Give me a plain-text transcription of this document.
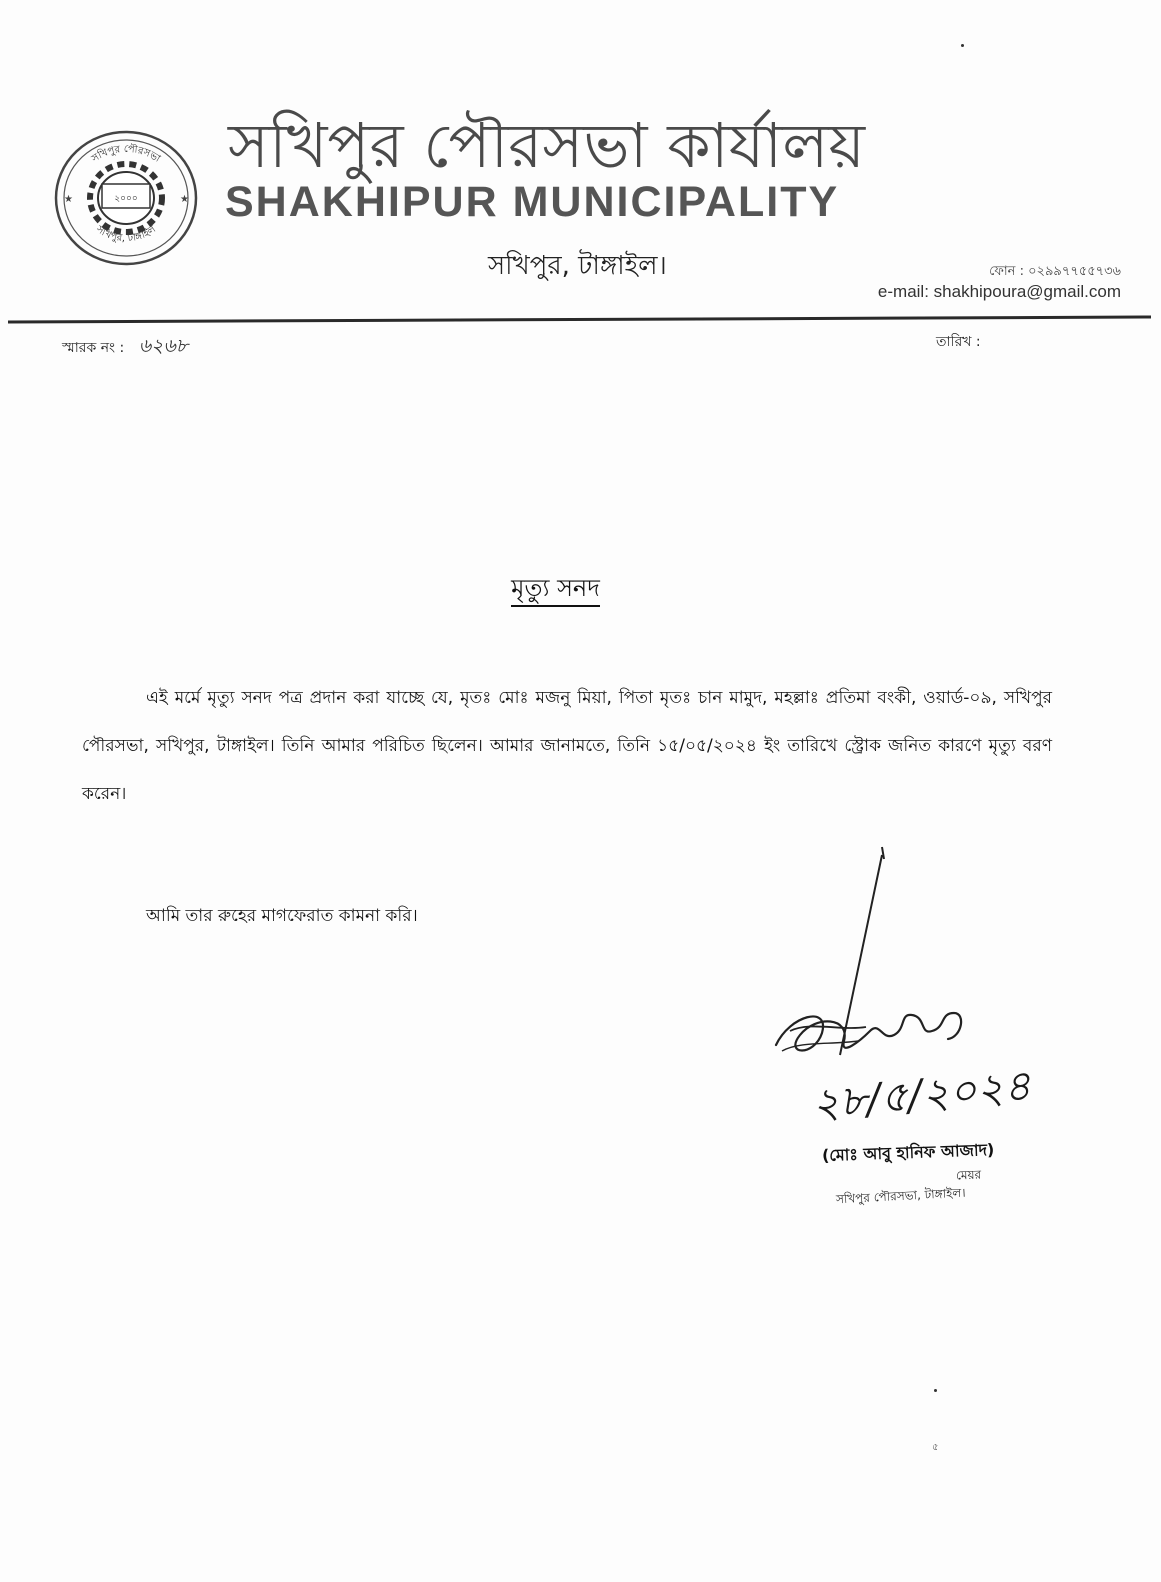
২০০০
সখিপুর পৌরসভা
সখিপুর, টাঙ্গাইল
★	★
সখিপুর পৌরসভা কার্যালয়
SHAKHIPUR MUNICIPALITY
সখিপুর, টাঙ্গাইল।	ফোন : ০২৯৯৭৭৫৫৭৩৬
e-mail: shakhipoura@gmail.com
স্মারক নং : ৬২৬৮	তারিখ :
মৃত্যু সনদ
এই মর্মে মৃত্যু সনদ পত্র প্রদান করা যাচ্ছে যে, মৃতঃ মোঃ মজনু মিয়া, পিতা মৃতঃ চান মামুদ, মহল্লাঃ প্রতিমা বংকী, ওয়ার্ড-০৯, সখিপুর পৌরসভা, সখিপুর, টাঙ্গাইল। তিনি আমার পরিচিত ছিলেন। আমার জানামতে, তিনি ১৫/০৫/২০২৪ ইং তারিখে স্ট্রোক জনিত কারণে মৃত্যু বরণ করেন।
আমি তার রুহের মাগফেরাত কামনা করি।
২৮/৫/২০২৪
(মোঃ আবু হানিফ আজাদ)
মেয়র
সখিপুর পৌরসভা, টাঙ্গাইল।
৫
